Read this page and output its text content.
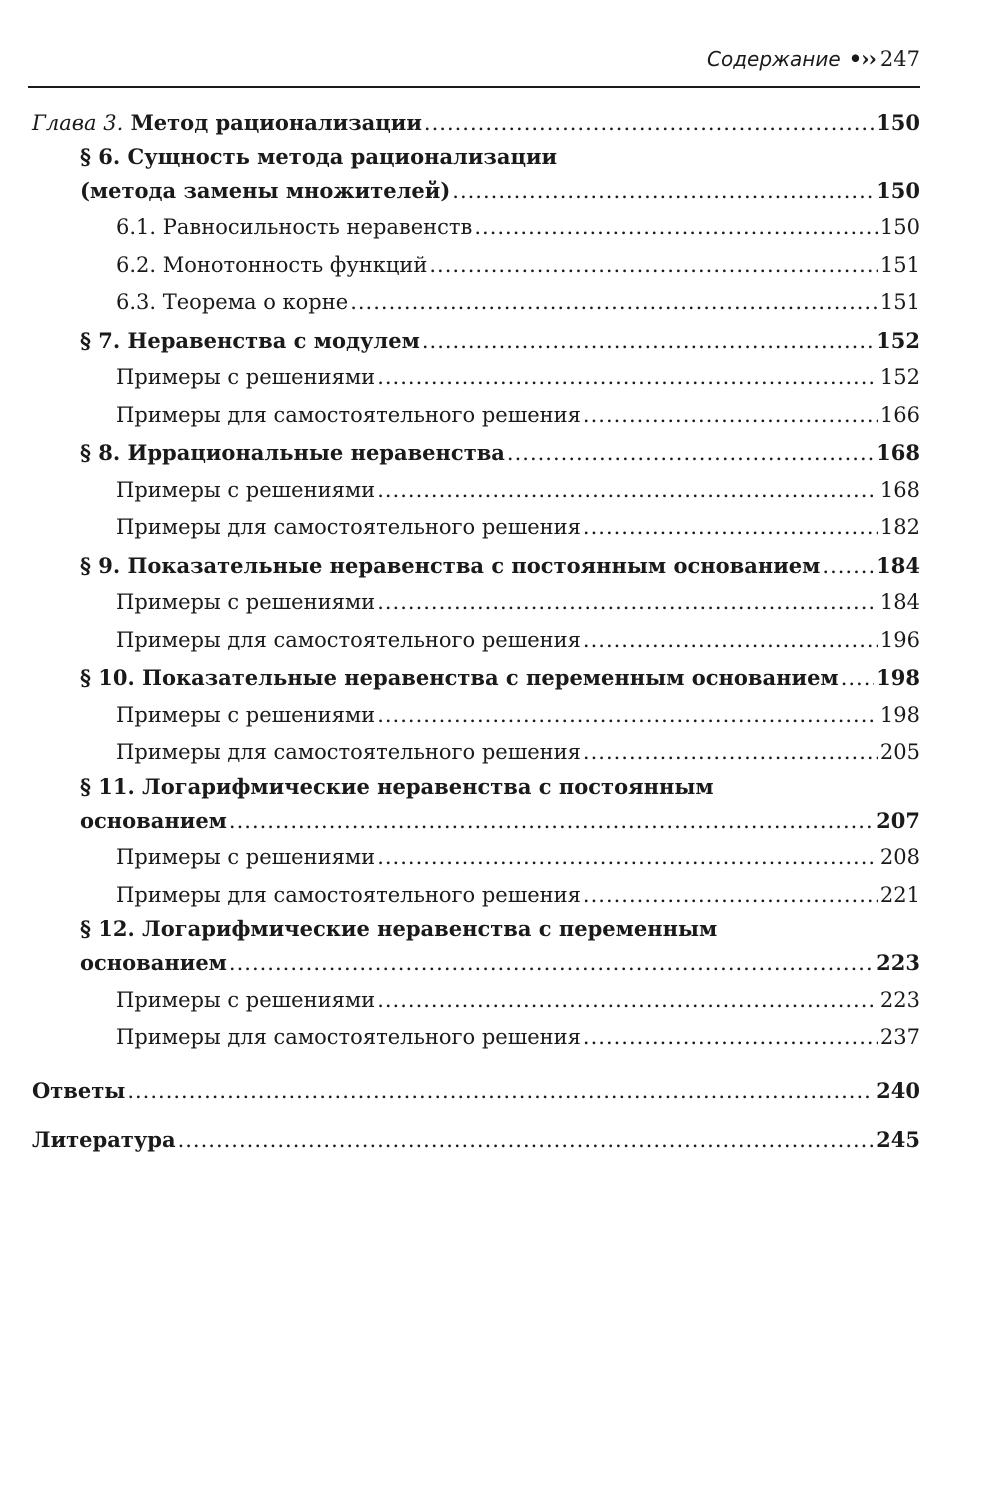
Содержание •›› 247
Глава 3. Метод рационализации .....	150
§ 6. Сущность метода рационализации
(метода замены множителей) .....	150
6.1. Равносильность неравенств .....	150
6.2. Монотонность функций .....	151
6.3. Теорема о корне .....	151
§ 7. Неравенства с модулем .....	152
Примеры с решениями .....	152
Примеры для самостоятельного решения .....	166
§ 8. Иррациональные неравенства .....	168
Примеры с решениями .....	168
Примеры для самостоятельного решения .....	182
§ 9. Показательные неравенства с постоянным основанием .....	184
Примеры с решениями .....	184
Примеры для самостоятельного решения .....	196
§ 10. Показательные неравенства с переменным основанием ..... 198
Примеры с решениями .....	198
Примеры для самостоятельного решения .....	205
§ 11. Логарифмические неравенства с постоянным
основанием .....	207
Примеры с решениями .....	208
Примеры для самостоятельного решения .....	221
§ 12. Логарифмические неравенства с переменным
основанием .....	223
Примеры с решениями .....	223
Примеры для самостоятельного решения .....	237
Ответы .....	240
Литература .....	245
